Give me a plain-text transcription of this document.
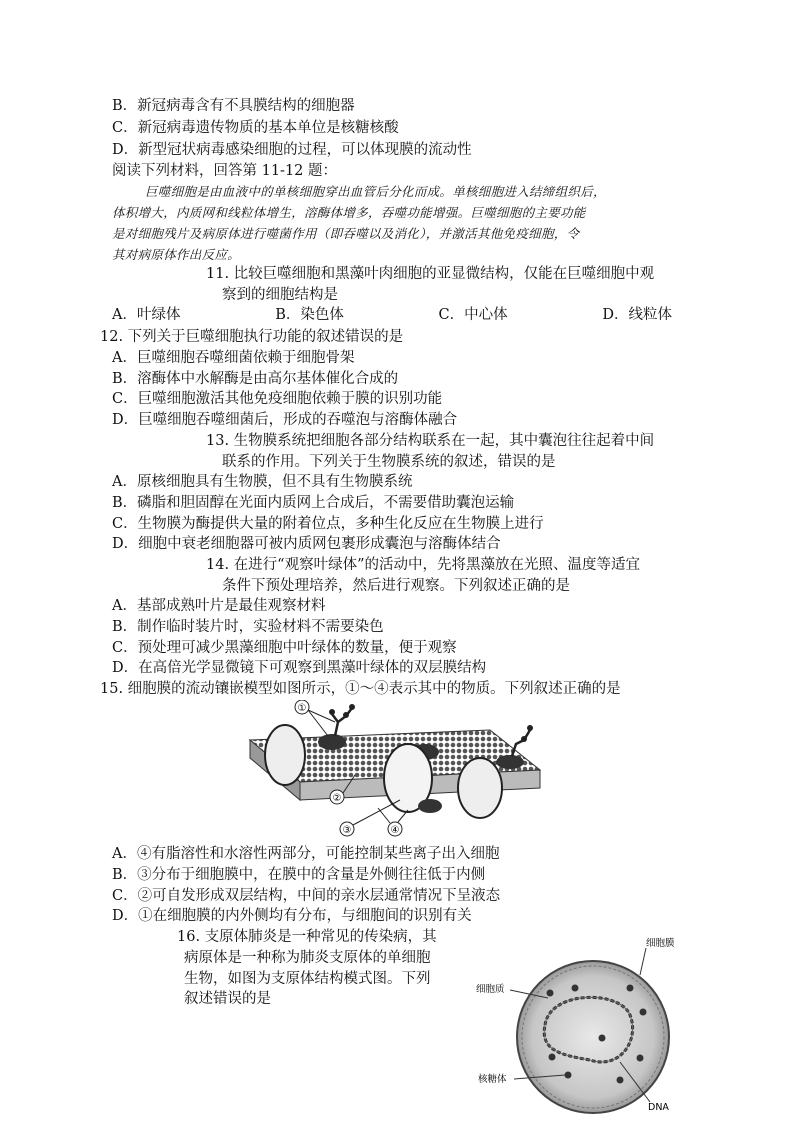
B．新冠病毒含有不具膜结构的细胞器
C．新冠病毒遗传物质的基本单位是核糖核酸
D．新型冠状病毒感染细胞的过程，可以体现膜的流动性
阅读下列材料，回答第 11-12 题：
11. 比较巨噬细胞和黑藻叶肉细胞的亚显微结构，仅能在巨噬细胞中观
察到的细胞结构是
12. 下列关于巨噬细胞执行功能的叙述错误的是
A．巨噬细胞吞噬细菌依赖于细胞骨架
B．溶酶体中水解酶是由高尔基体催化合成的
C．巨噬细胞激活其他免疫细胞依赖于膜的识别功能
D．巨噬细胞吞噬细菌后，形成的吞噬泡与溶酶体融合
13. 生物膜系统把细胞各部分结构联系在一起，其中囊泡往往起着中间
联系的作用。下列关于生物膜系统的叙述，错误的是
A．原核细胞具有生物膜，但不具有生物膜系统
B．磷脂和胆固醇在光面内质网上合成后，不需要借助囊泡运输
C．生物膜为酶提供大量的附着位点，多种生化反应在生物膜上进行
D．细胞中衰老细胞器可被内质网包裹形成囊泡与溶酶体结合
14. 在进行“观察叶绿体”的活动中，先将黑藻放在光照、温度等适宜
条件下预处理培养，然后进行观察。下列叙述正确的是
A．基部成熟叶片是最佳观察材料
B．制作临时装片时，实验材料不需要染色
C．预处理可减少黑藻细胞中叶绿体的数量，便于观察
D．在高倍光学显微镜下可观察到黑藻叶绿体的双层膜结构
15. 细胞膜的流动镶嵌模型如图所示，①～④表示其中的物质。下列叙述正确的是
A．④有脂溶性和水溶性两部分，可能控制某些离子出入细胞
B．③分布于细胞膜中，在膜中的含量是外侧往往低于内侧
C．②可自发形成双层结构，中间的亲水层通常情况下呈液态
D．①在细胞膜的内外侧均有分布，与细胞间的识别有关
16. 支原体肺炎是一种常见的传染病，其
病原体是一种称为肺炎支原体的单细胞
生物，如图为支原体结构模式图。下列
叙述错误的是
巨噬细胞是由血液中的单核细胞穿出血管后分化而成。单核细胞进入结缔组织后，
体积增大，内质网和线粒体增生，溶酶体增多，吞噬功能增强。巨噬细胞的主要功能
是对细胞残片及病原体进行噬菌作用（即吞噬以及消化），并激活其他免疫细胞，令
其对病原体作出反应。
A．叶绿体	B．染色体	C．中心体	D．线粒体
①
②
③	④
细胞膜
细胞质
核糖体
DNA
